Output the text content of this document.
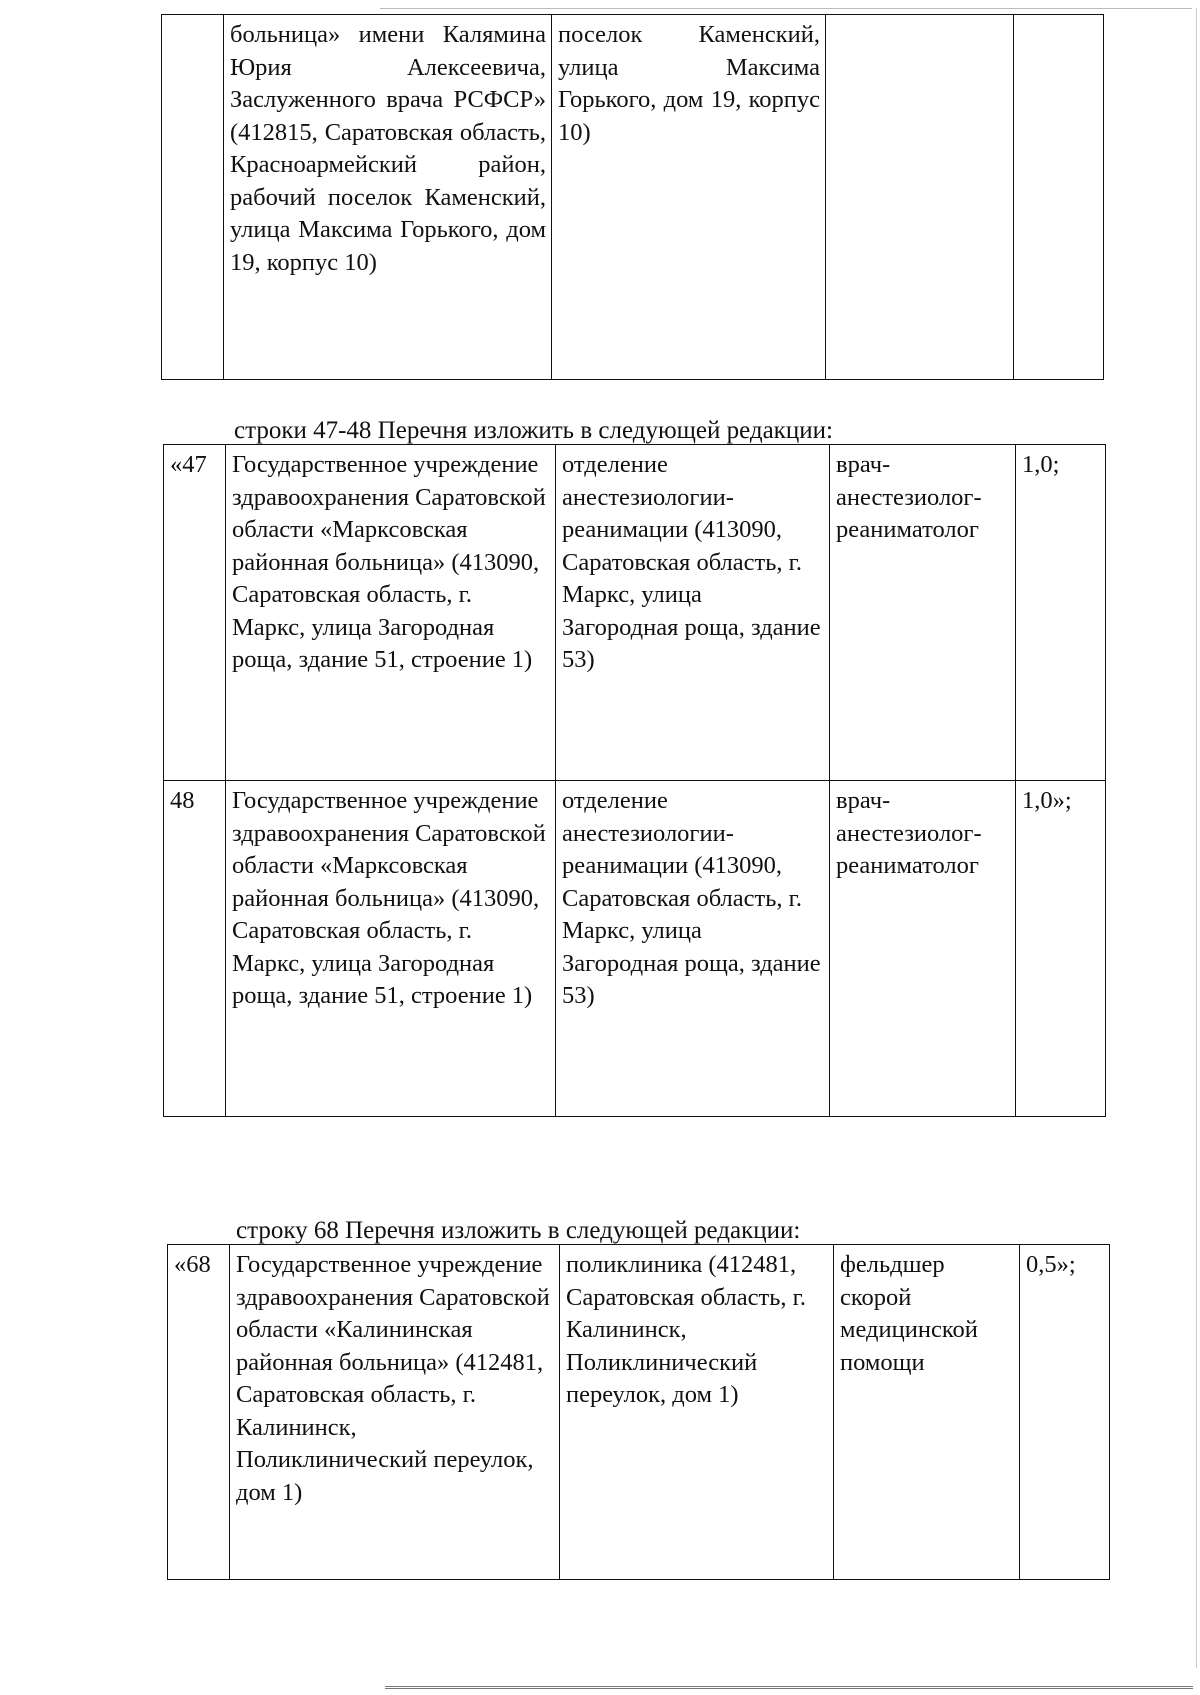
	больница» имени Калямина Юрия Алексеевича, Заслуженного врача РСФСР» (412815, Саратовская область, Красноармейский район, рабочий поселок Каменский, улица Максима Горького, дом 19, корпус 10)	поселок Каменский, улица Максима Горького, дом 19, корпус 10)		
строки 47-48 Перечня изложить в следующей редакции:
«47	Государственное учреждение здравоохранения Саратовской области «Марксовская районная больница» (413090, Саратовская область, г. Маркс, улица Загородная роща, здание 51, строение 1)	отделение анестезиологии-реанимации (413090, Саратовская область, г. Маркс, улица Загородная роща, здание 53)	врач-анестезиолог-реаниматолог	1,0;
48	Государственное учреждение здравоохранения Саратовской области «Марксовская районная больница» (413090, Саратовская область, г. Маркс, улица Загородная роща, здание 51, строение 1)	отделение анестезиологии-реанимации (413090, Саратовская область, г. Маркс, улица Загородная роща, здание 53)	врач-анестезиолог-реаниматолог	1,0»;
строку 68 Перечня изложить в следующей редакции:
«68	Государственное учреждение здравоохранения Саратовской области «Калининская районная больница» (412481, Саратовская область, г. Калининск, Поликлинический переулок, дом 1)	поликлиника (412481, Саратовская область, г. Калининск, Поликлинический переулок, дом 1)	фельдшер скорой медицинской помощи	0,5»;
